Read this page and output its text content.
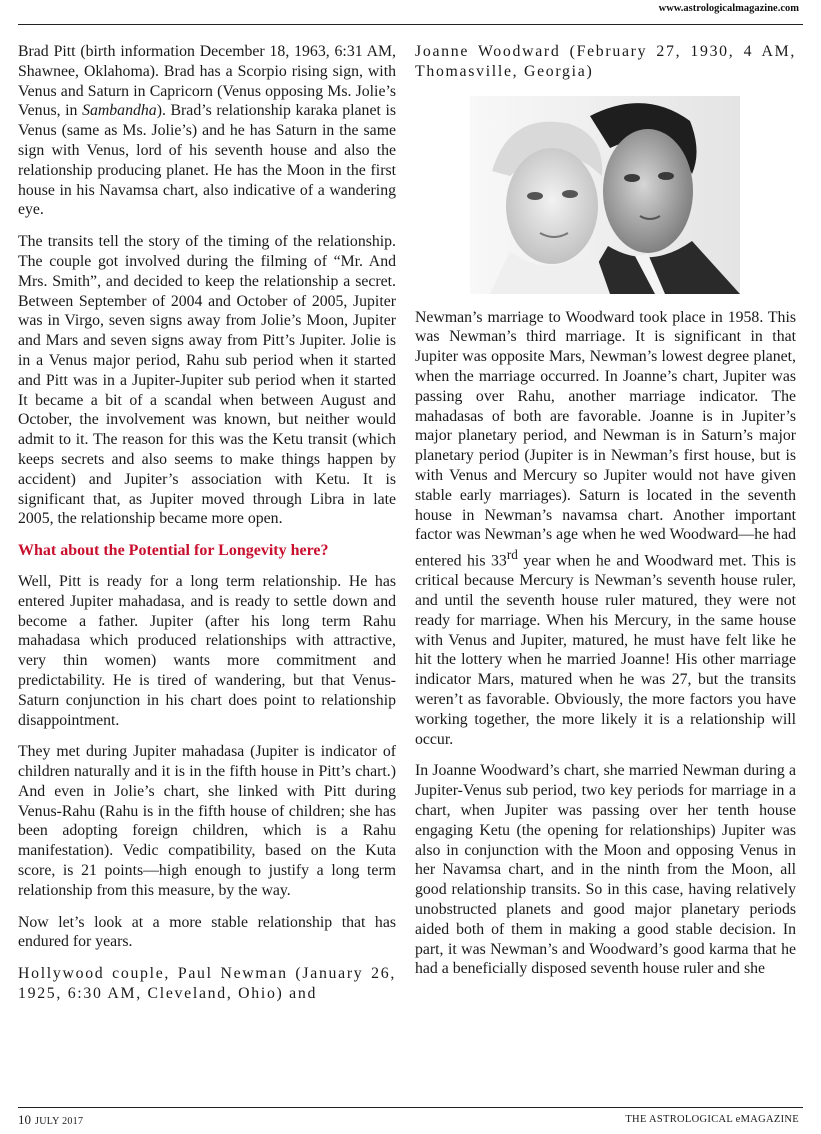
www.astrologicalmagazine.com

Brad Pitt (birth information December 18, 1963, 6:31 AM, Shawnee, Oklahoma). Brad has a Scorpio rising sign, with Venus and Saturn in Capricorn (Venus opposing Ms. Jolie’s Venus, in Sambandha). Brad’s relationship karaka planet is Venus (same as Ms. Jolie’s) and he has Saturn in the same sign with Venus, lord of his seventh house and also the relationship producing planet. He has the Moon in the first house in his Navamsa chart, also indicative of a wandering eye.

The transits tell the story of the timing of the relationship. The couple got involved during the filming of “Mr. And Mrs. Smith”, and decided to keep the relationship a secret. Between September of 2004 and October of 2005, Jupiter was in Virgo, seven signs away from Jolie’s Moon, Jupiter and Mars and seven signs away from Pitt’s Jupiter. Jolie is in a Venus major period, Rahu sub period when it started and Pitt was in a Jupiter-Jupiter sub period when it started It became a bit of a scandal when between August and October, the involvement was known, but neither would admit to it. The reason for this was the Ketu transit (which keeps secrets and also seems to make things happen by accident) and Jupiter’s association with Ketu. It is significant that, as Jupiter moved through Libra in late 2005, the relationship became more open.

What about the Potential for Longevity here?

Well, Pitt is ready for a long term relationship. He has entered Jupiter mahadasa, and is ready to settle down and become a father. Jupiter (after his long term Rahu mahadasa which produced relationships with attractive, very thin women) wants more commitment and predictability. He is tired of wandering, but that Venus-Saturn conjunction in his chart does point to relationship disappointment.

They met during Jupiter mahadasa (Jupiter is indicator of children naturally and it is in the fifth house in Pitt’s chart.) And even in Jolie’s chart, she linked with Pitt during Venus-Rahu (Rahu is in the fifth house of children; she has been adopting foreign children, which is a Rahu manifestation). Vedic compatibility, based on the Kuta score, is 21 points—high enough to justify a long term relationship from this measure, by the way.

Now let’s look at a more stable relationship that has endured for years.

Hollywood couple, Paul Newman (January 26, 1925, 6:30 AM, Cleveland, Ohio) and

Joanne Woodward (February 27, 1930, 4 AM, Thomasville, Georgia)

Newman’s marriage to Woodward took place in 1958. This was Newman’s third marriage. It is significant in that Jupiter was opposite Mars, Newman’s lowest degree planet, when the marriage occurred. In Joanne’s chart, Jupiter was passing over Rahu, another marriage indicator. The mahadasas of both are favorable. Joanne is in Jupiter’s major planetary period, and Newman is in Saturn’s major planetary period (Jupiter is in Newman’s first house, but is with Venus and Mercury so Jupiter would not have given stable early marriages). Saturn is located in the seventh house in Newman’s navamsa chart. Another important factor was Newman’s age when he wed Woodward—he had entered his 33rd year when he and Woodward met. This is critical because Mercury is Newman’s seventh house ruler, and until the seventh house ruler matured, they were not ready for marriage. When his Mercury, in the same house with Venus and Jupiter, matured, he must have felt like he hit the lottery when he married Joanne! His other marriage indicator Mars, matured when he was 27, but the transits weren’t as favorable. Obviously, the more factors you have working together, the more likely it is a relationship will occur.

In Joanne Woodward’s chart, she married Newman during a Jupiter-Venus sub period, two key periods for marriage in a chart, when Jupiter was passing over her tenth house engaging Ketu (the opening for relationships) Jupiter was also in conjunction with the Moon and opposing Venus in her Navamsa chart, and in the ninth from the Moon, all good relationship transits. So in this case, having relatively unobstructed planets and good major planetary periods aided both of them in making a good stable decision. In part, it was Newman’s and Woodward’s good karma that he had a beneficially disposed seventh house ruler and she

10 JULY 2017	THE ASTROLOGICAL eMAGAZINE
